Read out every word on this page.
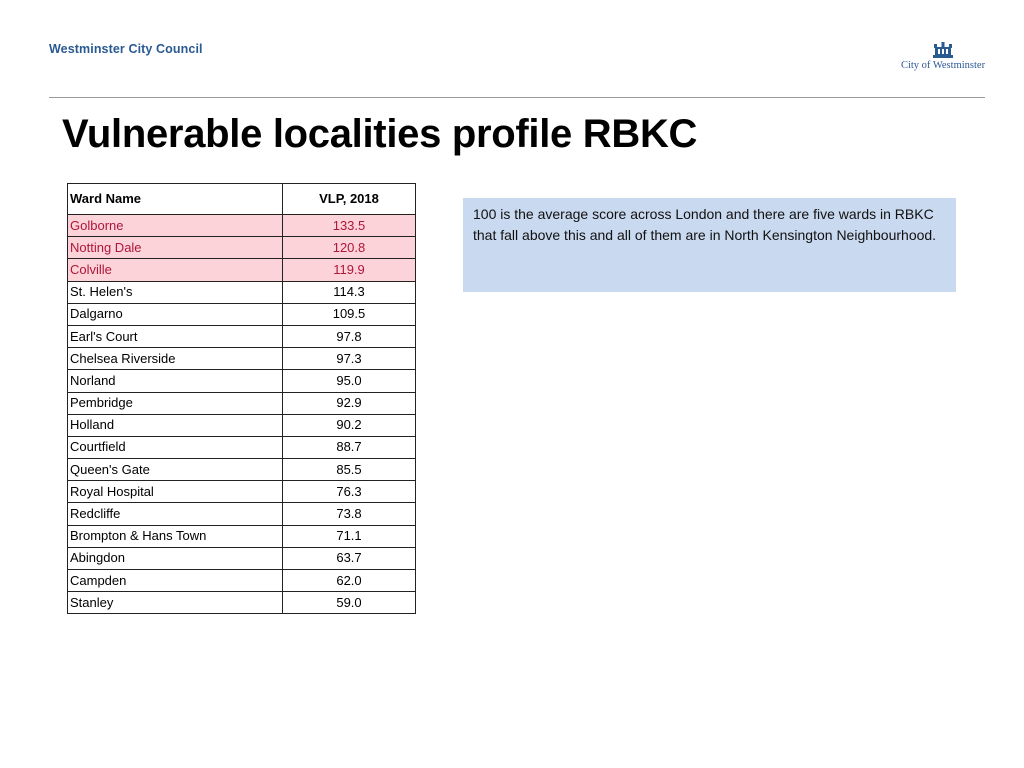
Westminster City Council
City of Westminster
Vulnerable localities profile RBKC
Ward Name	VLP, 2018
Golborne	133.5
Notting Dale	120.8
Colville	119.9
St. Helen's	114.3
Dalgarno	109.5
Earl's Court	97.8
Chelsea Riverside	97.3
Norland	95.0
Pembridge	92.9
Holland	90.2
Courtfield	88.7
Queen's Gate	85.5
Royal Hospital	76.3
Redcliffe	73.8
Brompton & Hans Town	71.1
Abingdon	63.7
Campden	62.0
Stanley	59.0
100 is the average score across London and there are five wards in RBKC that fall above this and all of them are in North Kensington Neighbourhood.
